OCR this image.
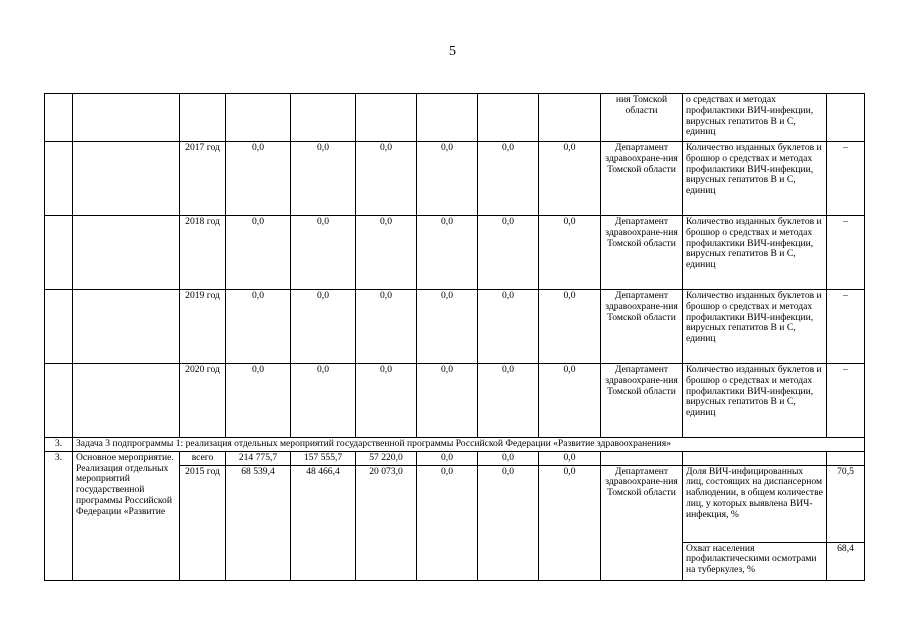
5
									ния Томской области	о средствах и методах профилактики ВИЧ-инфекции, вирусных гепатитов В и С, единиц	
		2017 год	0,0	0,0	0,0	0,0	0,0	0,0	Департамент здравоохране-ния Томской области	Количество изданных буклетов и брошюр о средствах и методах профилактики ВИЧ-инфекции, вирусных гепатитов В и С, единиц	–
		2018 год	0,0	0,0	0,0	0,0	0,0	0,0	Департамент здравоохране-ния Томской области	Количество изданных буклетов и брошюр о средствах и методах профилактики ВИЧ-инфекции, вирусных гепатитов В и С, единиц	–
		2019 год	0,0	0,0	0,0	0,0	0,0	0,0	Департамент здравоохране-ния Томской области	Количество изданных буклетов и брошюр о средствах и методах профилактики ВИЧ-инфекции, вирусных гепатитов В и С, единиц	–
		2020 год	0,0	0,0	0,0	0,0	0,0	0,0	Департамент здравоохране-ния Томской области	Количество изданных буклетов и брошюр о средствах и методах профилактики ВИЧ-инфекции, вирусных гепатитов В и С, единиц	–
3.	Задача 3 подпрограммы 1: реализация отдельных мероприятий государственной программы Российской Федерации «Развитие здравоохранения»										
3.	Основное мероприятие. Реализация отдельных мероприятий государственной программы Российской Федерации «Развитие	всего	214 775,7	157 555,7	57 220,0	0,0	0,0	0,0			
		2015 год	68 539,4	48 466,4	20 073,0	0,0	0,0	0,0	Департамент здравоохране-ния Томской области	Доля ВИЧ-инфицированных лиц, состоящих на диспансерном наблюдении, в общем количестве лиц, у которых выявлена ВИЧ-инфекция, %	70,5
										Охват населения профилактическими осмотрами на туберкулез, %	68,4
